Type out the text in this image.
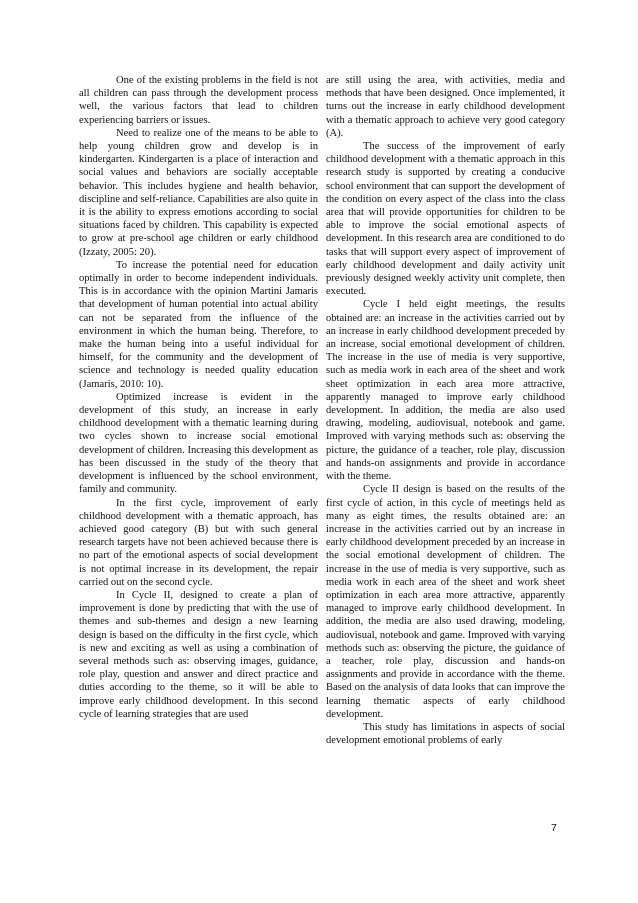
One of the existing problems in the field is not all children can pass through the development process well, the various factors that lead to children experiencing barriers or issues.

Need to realize one of the means to be able to help young children grow and develop is in kindergarten. Kindergarten is a place of interaction and social values and behaviors are socially acceptable behavior. This includes hygiene and health behavior, discipline and self-reliance. Capabilities are also quite in it is the ability to express emotions according to social situations faced by children. This capability is expected to grow at pre-school age children or early childhood (Izzaty, 2005: 20).

To increase the potential need for education optimally in order to become independent individuals. This is in accordance with the opinion Martini Jamaris that development of human potential into actual ability can not be separated from the influence of the environment in which the human being. Therefore, to make the human being into a useful individual for himself, for the community and the development of science and technology is needed quality education (Jamaris, 2010: 10).

Optimized increase is evident in the development of this study, an increase in early childhood development with a thematic learning during two cycles shown to increase social emotional development of children. Increasing this development as has been discussed in the study of the theory that development is influenced by the school environment, family and community.

In the first cycle, improvement of early childhood development with a thematic approach, has achieved good category (B) but with such general research targets have not been achieved because there is no part of the emotional aspects of social development is not optimal increase in its development, the repair carried out on the second cycle.

In Cycle II, designed to create a plan of improvement is done by predicting that with the use of themes and sub-themes and design a new learning design is based on the difficulty in the first cycle, which is new and exciting as well as using a combination of several methods such as: observing images, guidance, role play, question and answer and direct practice and duties according to the theme, so it will be able to improve early childhood development. In this second cycle of learning strategies that are used

are still using the area, with activities, media and methods that have been designed. Once implemented, it turns out the increase in early childhood development with a thematic approach to achieve very good category (A).

The success of the improvement of early childhood development with a thematic approach in this research study is supported by creating a conducive school environment that can support the development of the condition on every aspect of the class into the class area that will provide opportunities for children to be able to improve the social emotional aspects of development. In this research area are conditioned to do tasks that will support every aspect of improvement of early childhood development and daily activity unit previously designed weekly activity unit complete, then executed.

Cycle I held eight meetings, the results obtained are: an increase in the activities carried out by an increase in early childhood development preceded by an increase, social emotional development of children. The increase in the use of media is very supportive, such as media work in each area of the sheet and work sheet optimization in each area more attractive, apparently managed to improve early childhood development. In addition, the media are also used drawing, modeling, audiovisual, notebook and game. Improved with varying methods such as: observing the picture, the guidance of a teacher, role play, discussion and hands-on assignments and provide in accordance with the theme.

Cycle II design is based on the results of the first cycle of action, in this cycle of meetings held as many as eight times, the results obtained are: an increase in the activities carried out by an increase in early childhood development preceded by an increase in the social emotional development of children. The increase in the use of media is very supportive, such as media work in each area of the sheet and work sheet optimization in each area more attractive, apparently managed to improve early childhood development. In addition, the media are also used drawing, modeling, audiovisual, notebook and game. Improved with varying methods such as: observing the picture, the guidance of a teacher, role play, discussion and hands-on assignments and provide in accordance with the theme. Based on the analysis of data looks that can improve the learning thematic aspects of early childhood development.

This study has limitations in aspects of social development emotional problems of early

7
